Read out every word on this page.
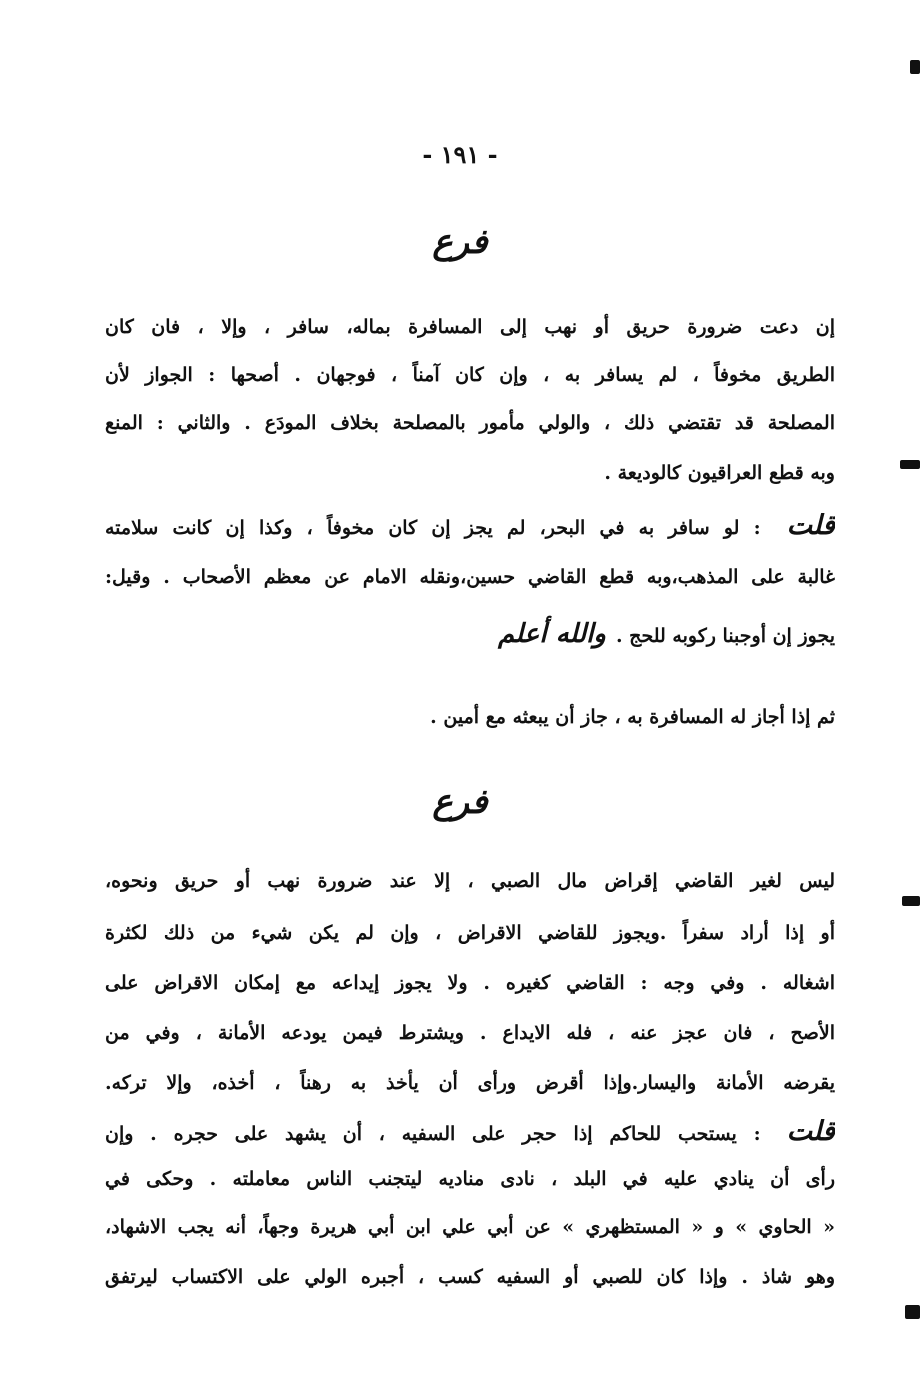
- ١٩١ -
فرع
إن دعت ضرورة حريق أو نهب إلى المسافرة بماله، سافر ، وإلا ، فان كان
الطريق مخوفاً ، لم يسافر به ، وإن كان آمناً ، فوجهان . أصحها : الجواز لأن
المصلحة قد تقتضي ذلك ، والولي مأمور بالمصلحة بخلاف المودَع . والثاني : المنع
وبه قطع العراقيون كالوديعة .
قلت: لو سافر به في البحر، لم يجز إن كان مخوفاً ، وكذا إن كانت سلامته
غالبة على المذهب،وبه قطع القاضي حسين،ونقله الامام عن معظم الأصحاب . وقيل:
يجوز إن أوجبنا ركوبه للحج .والله أعلم
ثم إذا أجاز له المسافرة به ، جاز أن يبعثه مع أمين .
فرع
ليس لغير القاضي إقراض مال الصبي ، إلا عند ضرورة نهب أو حريق ونحوه،
أو إذا أراد سفراً .ويجوز للقاضي الاقراض ، وإن لم يكن شيء من ذلك لكثرة
اشغاله . وفي وجه : القاضي كغيره . ولا يجوز إيداعه مع إمكان الاقراض على
الأصح ، فان عجز عنه ، فله الايداع . ويشترط فيمن يودعه الأمانة ، وفي من
يقرضه الأمانة واليسار.وإذا أقرض ورأى أن يأخذ به رهناً ، أخذه، وإلا تركه.
قلت: يستحب للحاكم إذا حجر على السفيه ، أن يشهد على حجره . وإن
رأى أن ينادي عليه في البلد ، نادى مناديه ليتجنب الناس معاملته . وحكى في
« الحاوي » و « المستظهري » عن أبي علي ابن أبي هريرة وجهاً، أنه يجب الاشهاد،
وهو شاذ . وإذا كان للصبي أو السفيه كسب ، أجبره الولي على الاكتساب ليرتفق
